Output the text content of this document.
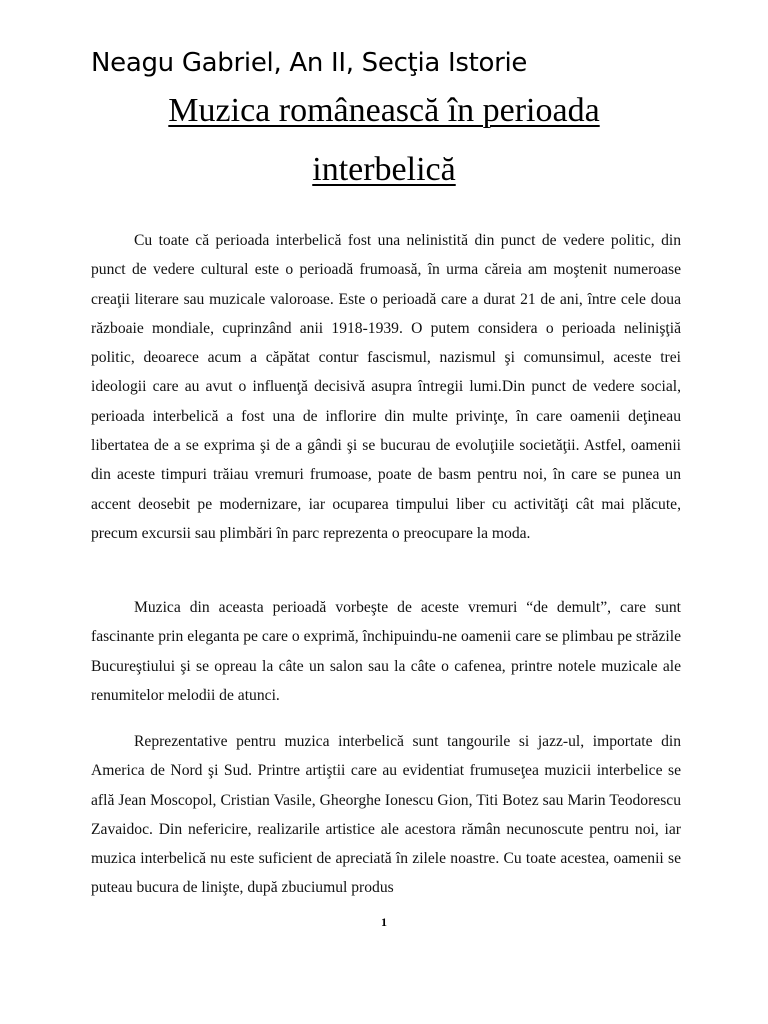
Neagu Gabriel, An II, Secţia Istorie
Muzica românească în perioada
interbelică

Cu toate că perioada interbelică fost una nelinistită din punct de vedere politic, din punct de vedere cultural este o perioadă frumoasă, în urma căreia am moştenit numeroase creaţii literare sau muzicale valoroase. Este o perioadă care a durat 21 de ani, între cele doua războaie mondiale, cuprinzând anii 1918-1939. O putem considera o perioada nelinişţiă politic, deoarece acum a căpătat contur fascismul, nazismul şi comunsimul, aceste trei ideologii care au avut o influenţă decisivă asupra întregii lumi.Din punct de vedere social, perioada interbelică a fost una de inflorire din multe privinţe, în care oamenii deţineau libertatea de a se exprima şi de a gândi şi se bucurau de evoluţiile societăţii. Astfel, oamenii din aceste timpuri trăiau vremuri frumoase, poate de basm pentru noi, în care se punea un accent deosebit pe modernizare, iar ocuparea timpului liber cu activităţi cât mai plăcute, precum excursii sau plimbări în parc reprezenta o preocupare la moda.

Muzica din aceasta perioadă vorbeşte de aceste vremuri “de demult”, care sunt fascinante prin eleganta pe care o exprimă, închipuindu-ne oamenii care se plimbau pe străzile Bucureştiului şi se opreau la câte un salon sau la câte o cafenea, printre notele muzicale ale renumitelor melodii de atunci.

Reprezentative pentru muzica interbelică sunt tangourile si jazz-ul, importate din America de Nord şi Sud. Printre artiştii care au evidentiat frumuseţea muzicii interbelice se află Jean Moscopol, Cristian Vasile, Gheorghe Ionescu Gion, Titi Botez sau Marin Teodorescu Zavaidoc. Din nefericire, realizarile artistice ale acestora rămân necunoscute pentru noi, iar muzica interbelică nu este suficient de apreciată în zilele noastre. Cu toate acestea, oamenii se puteau bucura de linişte, după zbuciumul produs

1
